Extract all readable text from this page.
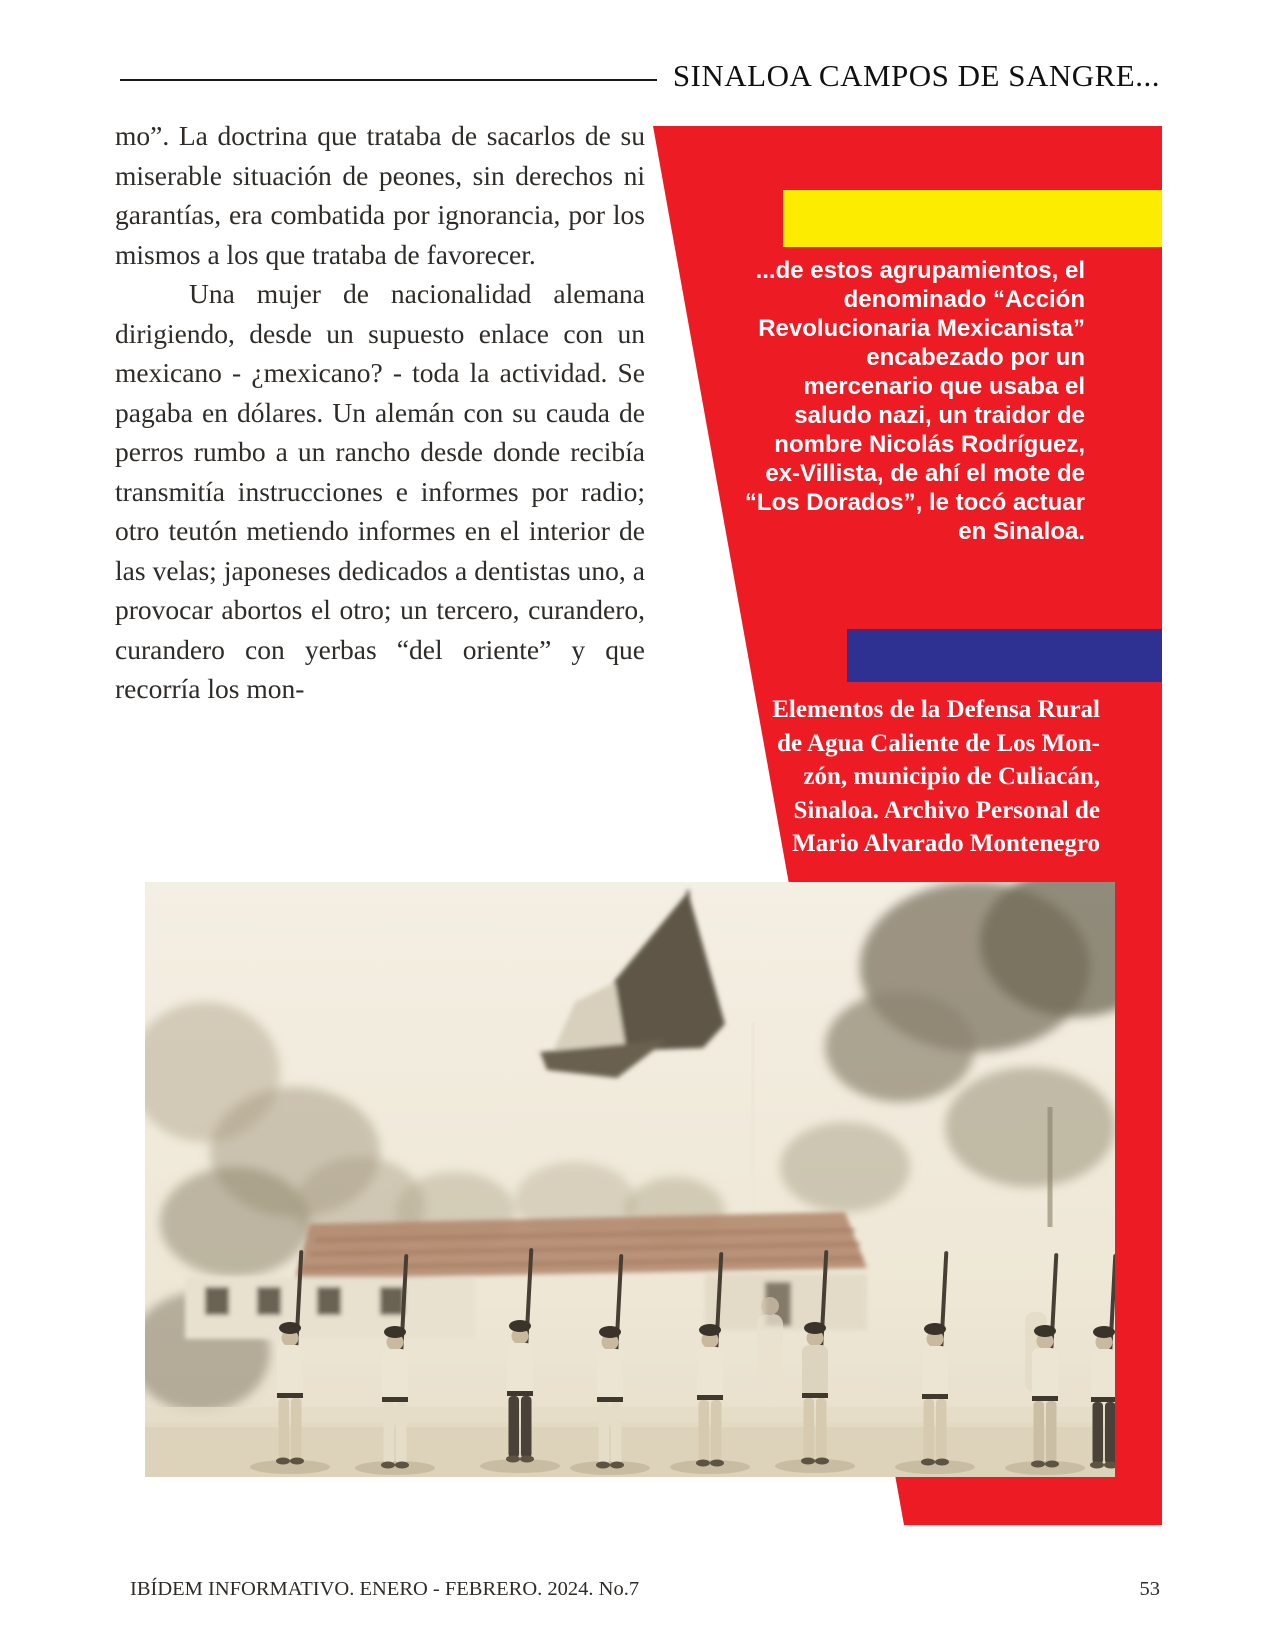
SINALOA CAMPOS DE SANGRE...

mo”. La doctrina que trataba de sacarlos de su miserable situación de peones, sin derechos ni garantías, era combatida por ignorancia, por los mismos a los que trataba de favorecer.

Una mujer de nacionalidad alemana dirigiendo, desde un supuesto enlace con un mexicano - ¿mexicano? - toda la actividad. Se pagaba en dólares. Un alemán con su cauda de perros rumbo a un rancho desde donde recibía transmitía instrucciones e informes por radio; otro teutón metiendo informes en el interior de las velas; japoneses dedicados a dentistas uno, a provocar abortos el otro; un tercero, curandero, curandero con yerbas “del oriente” y que recorría los mon-

...de estos agrupamientos, el
denominado “Acción
Revolucionaria Mexicanista”
encabezado por un
mercenario que usaba el
saludo nazi, un traidor de
nombre Nicolás Rodríguez,
ex-Villista, de ahí el mote de
“Los Dorados”, le tocó actuar
en Sinaloa.
Elementos de la Defensa Rural
de Agua Caliente de Los Mon-
zón, municipio de Culiacán,
Sinaloa. Archivo Personal de
Mario Alvarado Montenegro
IBÍDEM INFORMATIVO. ENERO - FEBRERO. 2024. No.7	53
